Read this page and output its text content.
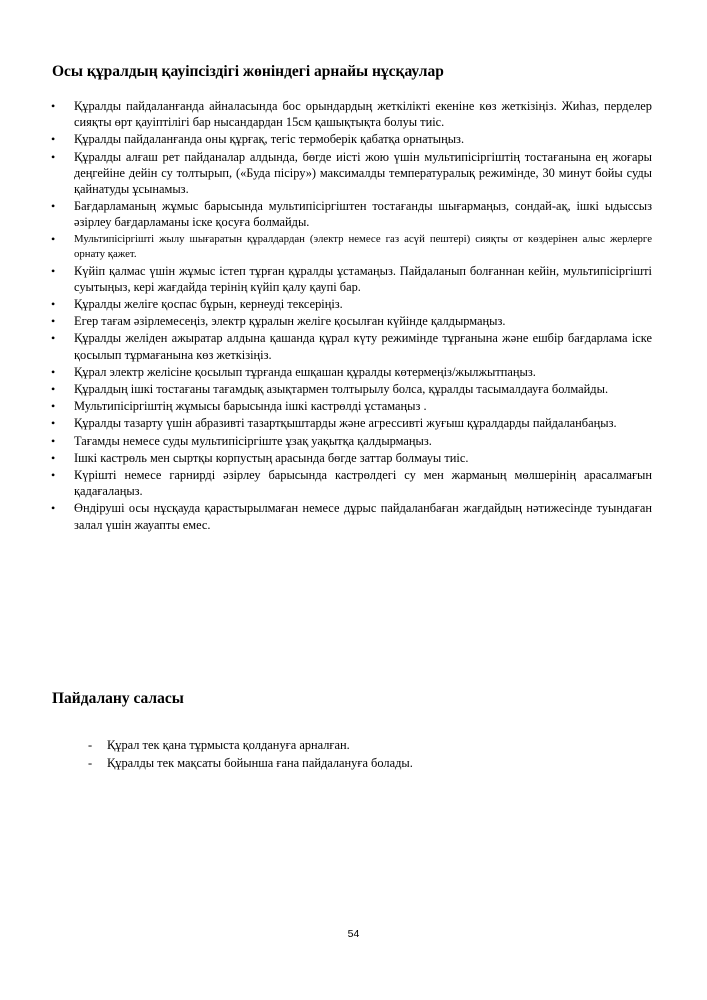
Осы құралдың қауіпсіздігі жөніндегі арнайы нұсқаулар
• Құралды пайдаланғанда айналасында бос орындардың жеткілікті екеніне көз жеткізіңіз. Жиһаз, перделер сияқты өрт қауіптілігі бар нысандардан 15см қашықтықта болуы тиіс.
• Құралды пайдаланғанда оны құрғақ, тегіс термоберік қабатқа орнатыңыз.
• Құралды алғаш рет пайданалар алдында, бөгде иісті жою үшін мультипісіргіштің тостағанына ең жоғары деңгейіне дейін су толтырып, («Буда пісіру») максималды температуралық режимінде, 30 минут бойы суды қайнатуды ұсынамыз.
• Бағдарламаның жұмыс барысында мультипісіргіштен тостағанды шығармаңыз, сондай-ақ, ішкі ыдыссыз әзірлеу бағдарламаны іске қосуға болмайды.
• Мультипісіргішті жылу шығаратын құралдардан (электр немесе газ асүй пештері) сияқты от көздерінен алыс жерлерге орнату қажет.
• Күйіп қалмас үшін жұмыс істеп тұрған құралды ұстамаңыз. Пайдаланып болғаннан кейін, мультипісіргішті суытыңыз, кері жағдайда терінің күйіп қалу қаупі бар.
• Құралды желіге қоспас бұрын, кернеуді тексеріңіз.
• Егер тағам әзірлемесеңіз, электр құралын желіге қосылған күйінде қалдырмаңыз.
• Құралды желіден ажыратар алдына қашанда құрал күту режимінде тұрғанына және ешбір бағдарлама іске қосылып тұрмағанына көз жеткізіңіз.
• Құрал электр желісіне қосылып тұрғанда ешқашан құралды көтермеңіз/жылжытпаңыз.
• Құралдың ішкі тостағаны тағамдық азықтармен толтырылу болса, құралды тасымалдауға болмайды.
• Мультипісіргіштің жұмысы барысында ішкі кастрөлді ұстамаңыз .
• Құралды тазарту үшін абразивті тазартқыштарды және агрессивті жуғыш құралдарды пайдаланбаңыз.
• Тағамды немесе суды мультипісіргіште ұзақ уақытқа қалдырмаңыз.
• Ішкі кастрөль мен сыртқы корпустың арасында бөгде заттар болмауы тиіс.
• Күрішті немесе гарнирді әзірлеу барысында кастрөлдегі су мен жарманың мөлшерінің арасалмағын қадағалаңыз.
• Өндіруші осы нұсқауда қарастырылмаған немесе дұрыс пайдаланбаған жағдайдың нәтижесінде туындаған залал үшін жауапты емес.
Пайдалану саласы
- Құрал тек қана тұрмыста қолдануға арналған.
- Құралды тек мақсаты бойынша ғана пайдалануға болады.
54
